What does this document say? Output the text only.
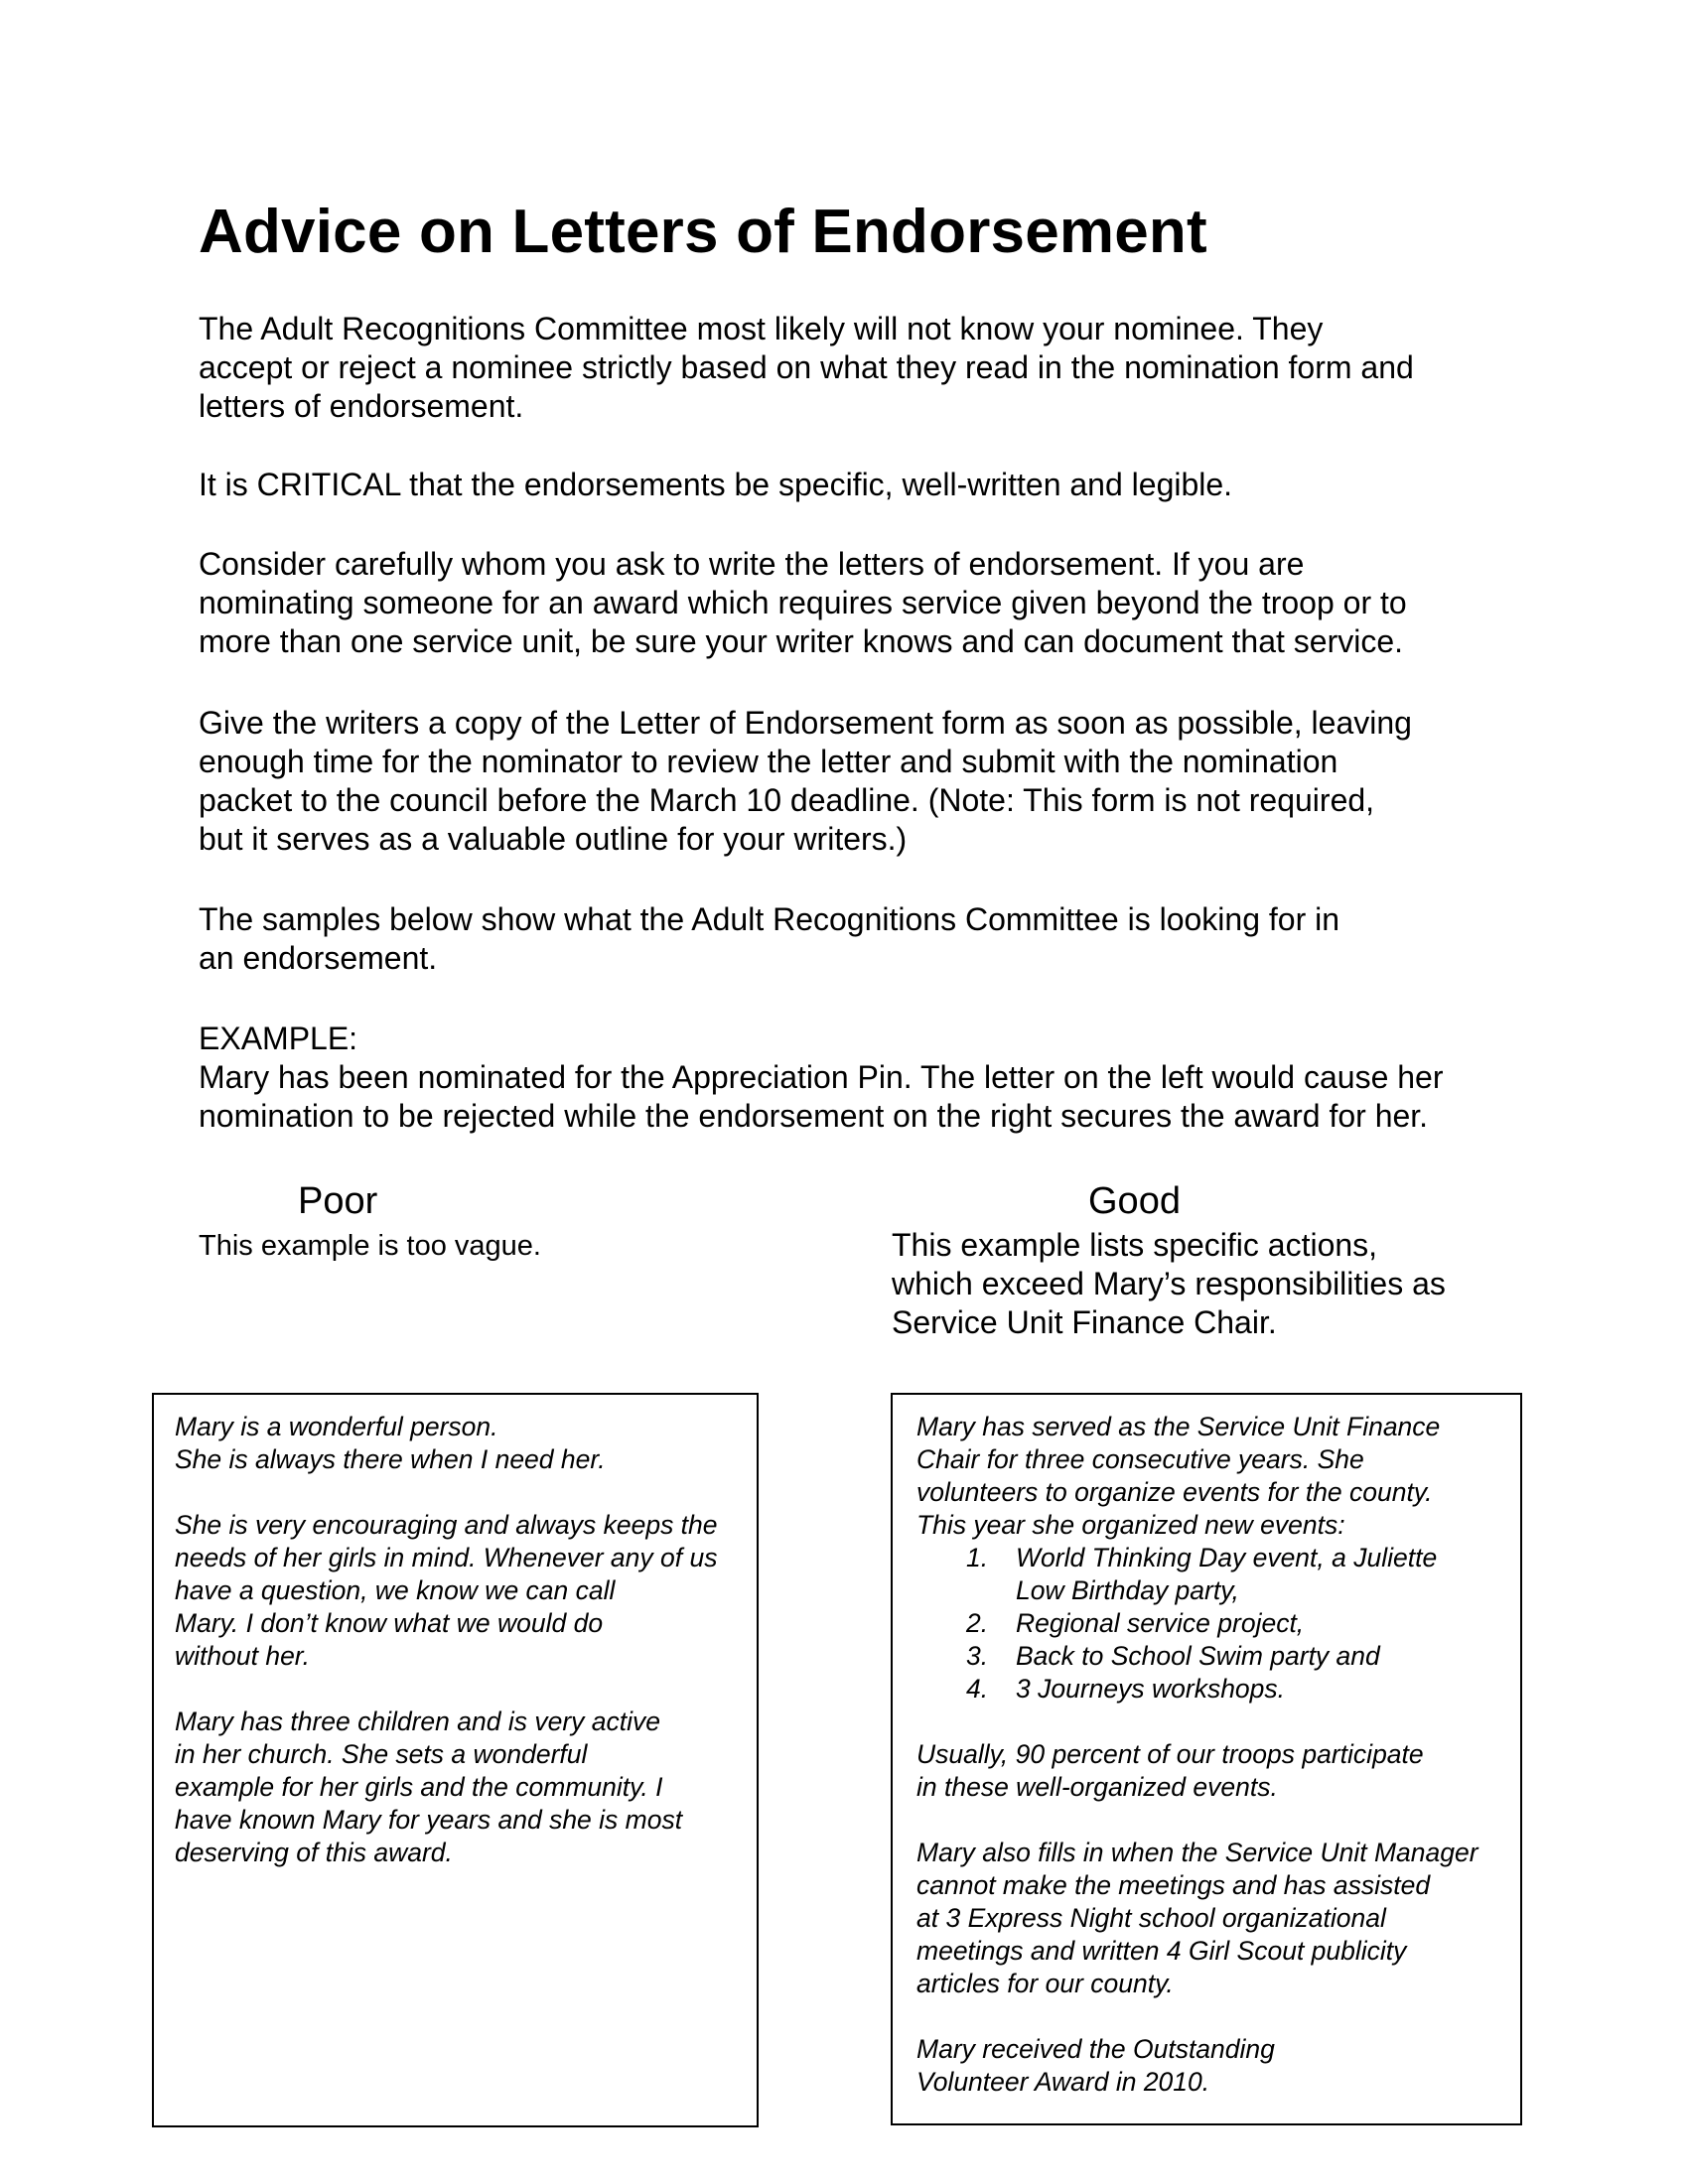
Advice on Letters of Endorsement

The Adult Recognitions Committee most likely will not know your nominee. They
accept or reject a nominee strictly based on what they read in the nomination form and
letters of endorsement.

It is CRITICAL that the endorsements be specific, well-written and legible.

Consider carefully whom you ask to write the letters of endorsement. If you are
nominating someone for an award which requires service given beyond the troop or to
more than one service unit, be sure your writer knows and can document that service.

Give the writers a copy of the Letter of Endorsement form as soon as possible, leaving
enough time for the nominator to review the letter and submit with the nomination
packet to the council before the March 10 deadline. (Note: This form is not required,
but it serves as a valuable outline for your writers.)

The samples below show what the Adult Recognitions Committee is looking for in
an endorsement.

EXAMPLE:
Mary has been nominated for the Appreciation Pin. The letter on the left would cause her
nomination to be rejected while the endorsement on the right secures the award for her.

Poor

This example is too vague.

Mary is a wonderful person.
She is always there when I need her.

She is very encouraging and always keeps the
needs of her girls in mind. Whenever any of us
have a question, we know we can call
Mary. I don’t know what we would do
without her.

Mary has three children and is very active
in her church. She sets a wonderful
example for her girls and the community. I
have known Mary for years and she is most
deserving of this award.

Good

This example lists specific actions,
which exceed Mary’s responsibilities as
Service Unit Finance Chair.

Mary has served as the Service Unit Finance
Chair for three consecutive years. She
volunteers to organize events for the county.
This year she organized new events:

1. World Thinking Day event, a Juliette
Low Birthday party,
2. Regional service project,
3. Back to School Swim party and
4. 3 Journeys workshops.

Usually, 90 percent of our troops participate
in these well-organized events.

Mary also fills in when the Service Unit Manager
cannot make the meetings and has assisted
at 3 Express Night school organizational
meetings and written 4 Girl Scout publicity
articles for our county.

Mary received the Outstanding
Volunteer Award in 2010.
